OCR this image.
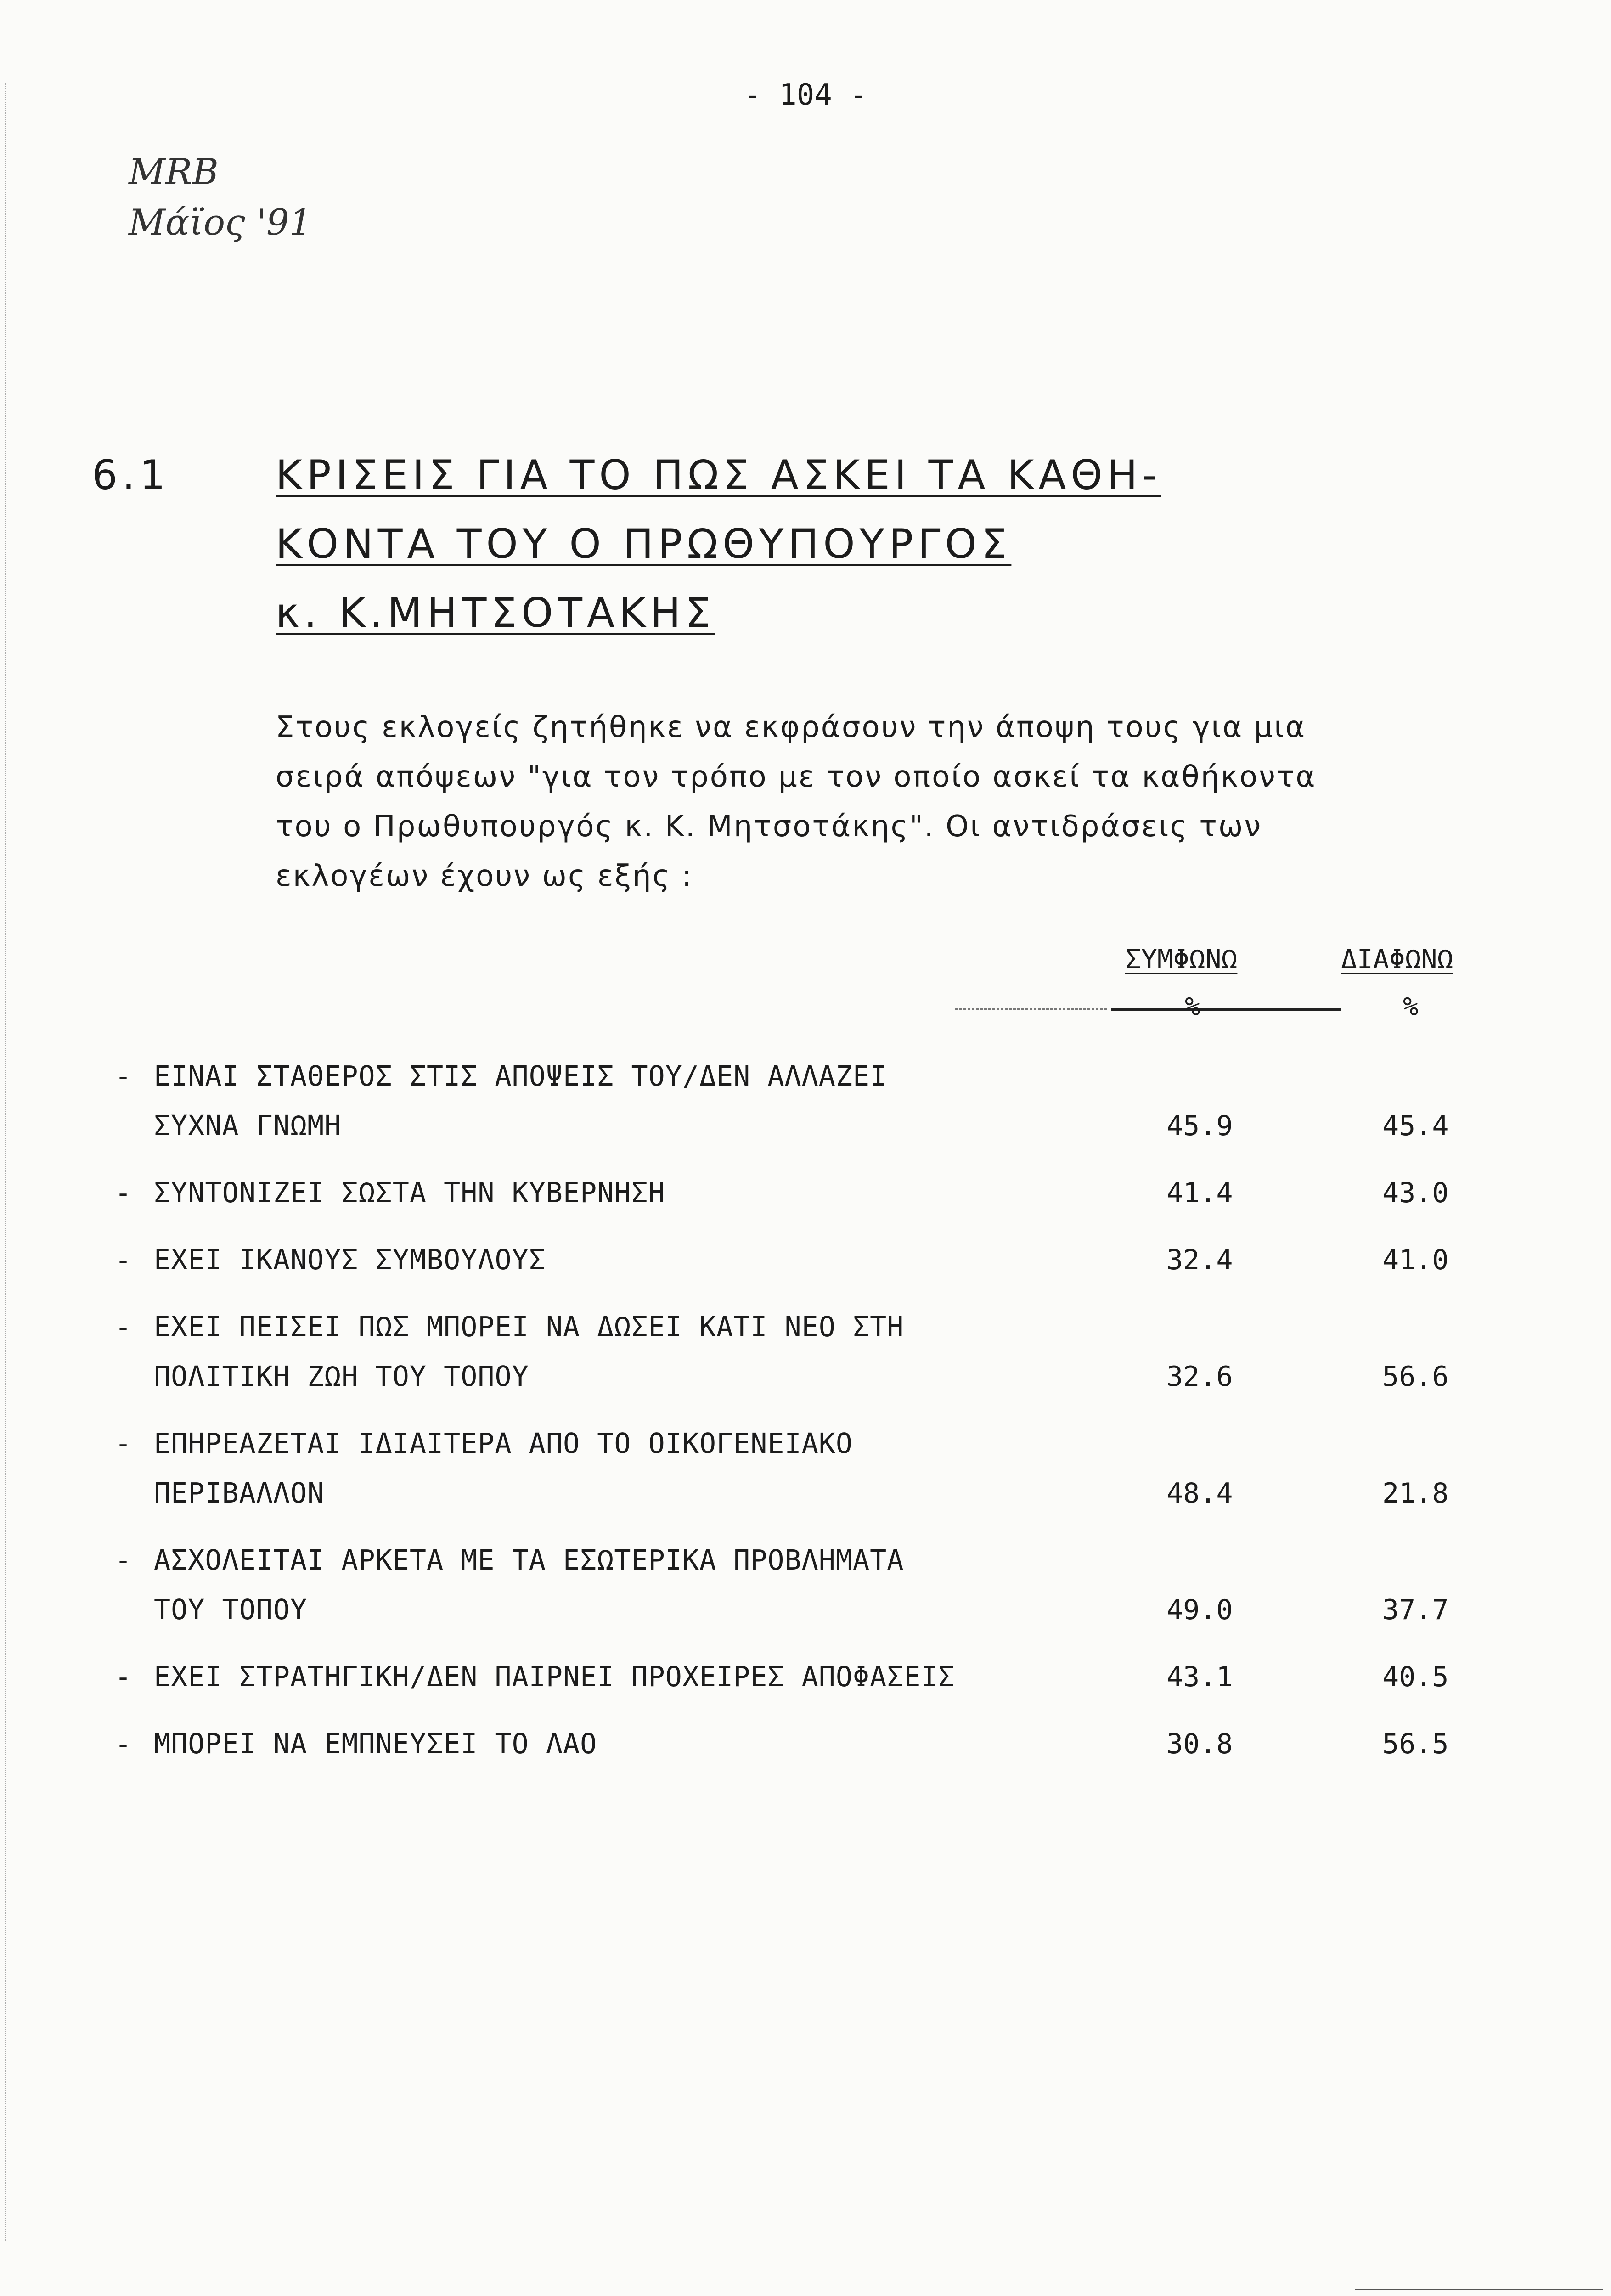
- 104 -
MRB
Μάϊος '91
6.1	ΚΡΙΣΕΙΣ ΓΙΑ ΤΟ ΠΩΣ ΑΣΚΕΙ ΤΑ ΚΑΘΗ-
ΚΟΝΤΑ ΤΟΥ Ο ΠΡΩΘΥΠΟΥΡΓΟΣ
κ. Κ.ΜΗΤΣΟΤΑΚΗΣ
Στους εκλογείς ζητήθηκε να εκφράσουν την άποψη τους για μια
σειρά απόψεων "για τον τρόπο με τον οποίο ασκεί τα καθήκοντα
του ο Πρωθυπουργός κ. Κ. Μητσοτάκης". Οι αντιδράσεις των
εκλογέων έχουν ως εξής :
ΣΥΜΦΩΝΩ	ΔΙΑΦΩΝΩ
%	%
- ΕΙΝΑΙ ΣΤΑΘΕΡΟΣ ΣΤΙΣ ΑΠΟΨΕΙΣ ΤΟΥ/ΔΕΝ ΑΛΛΑΖΕΙ
ΣΥΧΝΑ ΓΝΩΜΗ	45.9	45.4
- ΣΥΝΤΟΝΙΖΕΙ ΣΩΣΤΑ ΤΗΝ ΚΥΒΕΡΝΗΣΗ	41.4	43.0
- ΕΧΕΙ ΙΚΑΝΟΥΣ ΣΥΜΒΟΥΛΟΥΣ	32.4	41.0
- ΕΧΕΙ ΠΕΙΣΕΙ ΠΩΣ ΜΠΟΡΕΙ ΝΑ ΔΩΣΕΙ ΚΑΤΙ ΝΕΟ ΣΤΗ
ΠΟΛΙΤΙΚΗ ΖΩΗ ΤΟΥ ΤΟΠΟΥ	32.6	56.6
- ΕΠΗΡΕΑΖΕΤΑΙ ΙΔΙΑΙΤΕΡΑ ΑΠΟ ΤΟ ΟΙΚΟΓΕΝΕΙΑΚΟ
ΠΕΡΙΒΑΛΛΟΝ	48.4	21.8
- ΑΣΧΟΛΕΙΤΑΙ ΑΡΚΕΤΑ ΜΕ ΤΑ ΕΣΩΤΕΡΙΚΑ ΠΡΟΒΛΗΜΑΤΑ
ΤΟΥ ΤΟΠΟΥ	49.0	37.7
- ΕΧΕΙ ΣΤΡΑΤΗΓΙΚΗ/ΔΕΝ ΠΑΙΡΝΕΙ ΠΡΟΧΕΙΡΕΣ ΑΠΟΦΑΣΕΙΣ	43.1	40.5
- ΜΠΟΡΕΙ ΝΑ ΕΜΠΝΕΥΣΕΙ ΤΟ ΛΑΟ	30.8	56.5
